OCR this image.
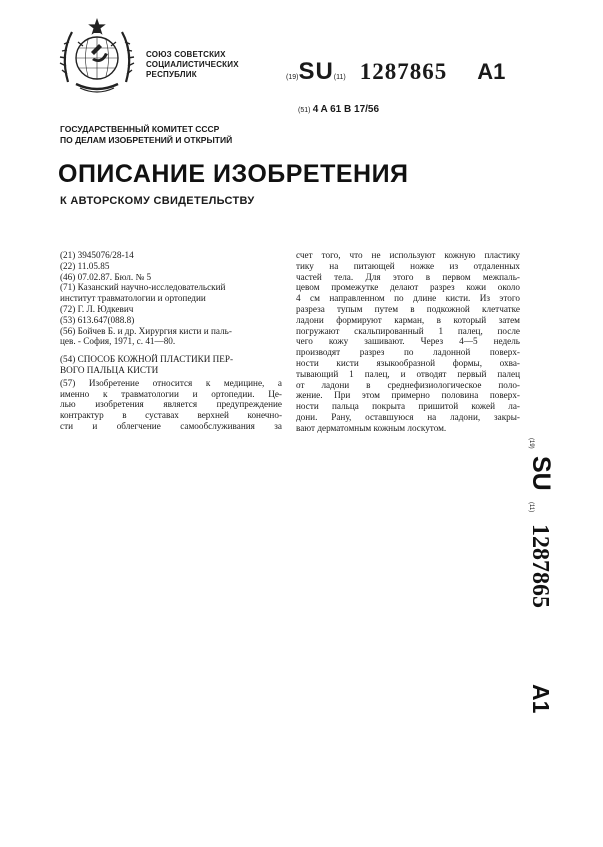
СОЮЗ СОВЕТСКИХ
СОЦИАЛИСТИЧЕСКИХ
РЕСПУБЛИК	(19)SU(11) 1287865 A1
(51) 4 A 61 B 17/56
ГОСУДАРСТВЕННЫЙ КОМИТЕТ СССР
ПО ДЕЛАМ ИЗОБРЕТЕНИЙ И ОТКРЫТИЙ
ОПИСАНИЕ ИЗОБРЕТЕНИЯ
К АВТОРСКОМУ СВИДЕТЕЛЬСТВУ
(21) 3945076/28-14
(22) 11.05.85
(46) 07.02.87. Бюл. № 5
(71) Казанский научно-исследовательский
институт травматологии и ортопедии
(72) Г. Л. Юдкевич
(53) 613.647(088.8)
(56) Бойчев Б. и др. Хирургия кисти и паль-
цев. - София, 1971, с. 41—80.
(54) СПОСОБ КОЖНОЙ ПЛАСТИКИ ПЕР-
ВОГО ПАЛЬЦА КИСТИ
(57) Изобретение относится к медицине, а
именно к травматологии и ортопедии. Це-
лью изобретения является предупреждение
контрактур в суставах верхней конечно-
сти и облегчение самообслуживания за
счет того, что не используют кожную пластику
тику на питающей ножке из отдаленных
частей тела. Для этого в первом межпаль-
цевом промежутке делают разрез кожи около
4 см направленном по длине кисти. Из этого
разреза тупым путем в подкожной клетчатке
ладони формируют карман, в который затем
погружают скальпированный 1 палец, после
чего кожу зашивают. Через 4—5 недель
производят разрез по ладонной поверх-
ности кисти языкообразной формы, охва-
тывающий 1 палец, и отводят первый палец
от ладони в среднефизиологическое поло-
жение. При этом примерно половина поверх-
ности пальца покрыта пришитой кожей ла-
дони. Рану, оставшуюся на ладони, закры-
вают дерматомным кожным лоскутом.
(19)
SU
(11)
1287865
A1
